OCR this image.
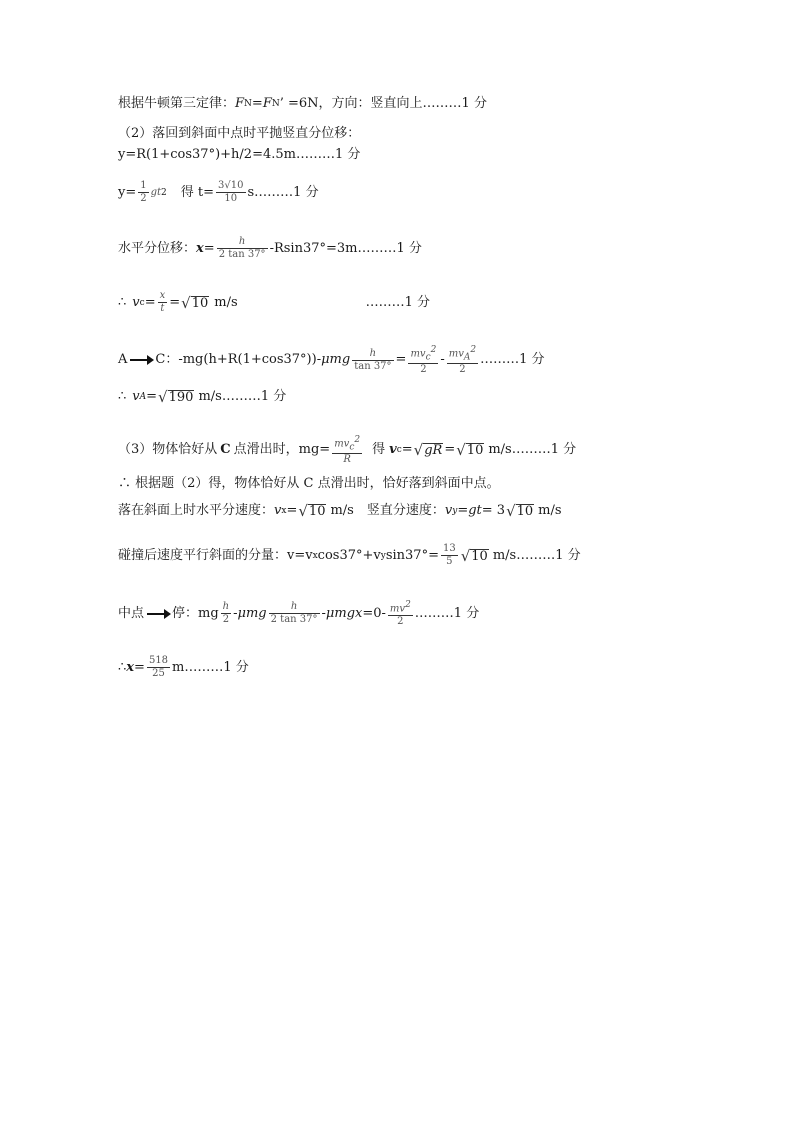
根据牛顿第三定律： F N = F N ’ =6N，方向：竖直向上………1 分
（2）落回到斜面中点时平抛竖直分位移：
y=R(1+cos37°)+h/2=4.5m………1 分
$y= \frac{1}{2}$ gt 2 得 $t= \frac{3√10}{10}$ s………1 分
水平分位移： $x = \frac{h}{2 \tan 37^\circ}$ -Rsin37°=3m………1 分
∴ v $c = \frac{x}{t}$ = √ 10 m/s	………1 分
A C：-mg(h+R(1+cos37°))- μmg $\frac{h}{\tan 37^\circ} = \frac{mv_c^2}{2} - \frac{mv_A^2}{2}$ ………1 分
∴ v A = √ 190 m/s………1 分
（3）物体恰好从 C 点滑出时，$mg= \frac{mv_c^2}{R}$ 得 v c = √ gR = √ 10 m/s………1 分
∴ 根据题（2）得，物体恰好从 C 点滑出时，恰好落到斜面中点。
落在斜面上时水平分速度： v x = √ 10 m/s　竖直分速度： v y = gt = 3 √ 10 m/s
碰撞后速度平行斜面的分量：v=v x cos37°+v y $\sin 37^\circ= \frac{13}{5}$ √ 10 m/s………1 分
中点 停：mg $\frac{h}{2} - \mu mg \frac{h}{2 \tan 37^\circ} - \mu mgx =0- \frac{mv^2}{2}$ ………1 分
∴ $x = \frac{518}{25}$ m………1 分
